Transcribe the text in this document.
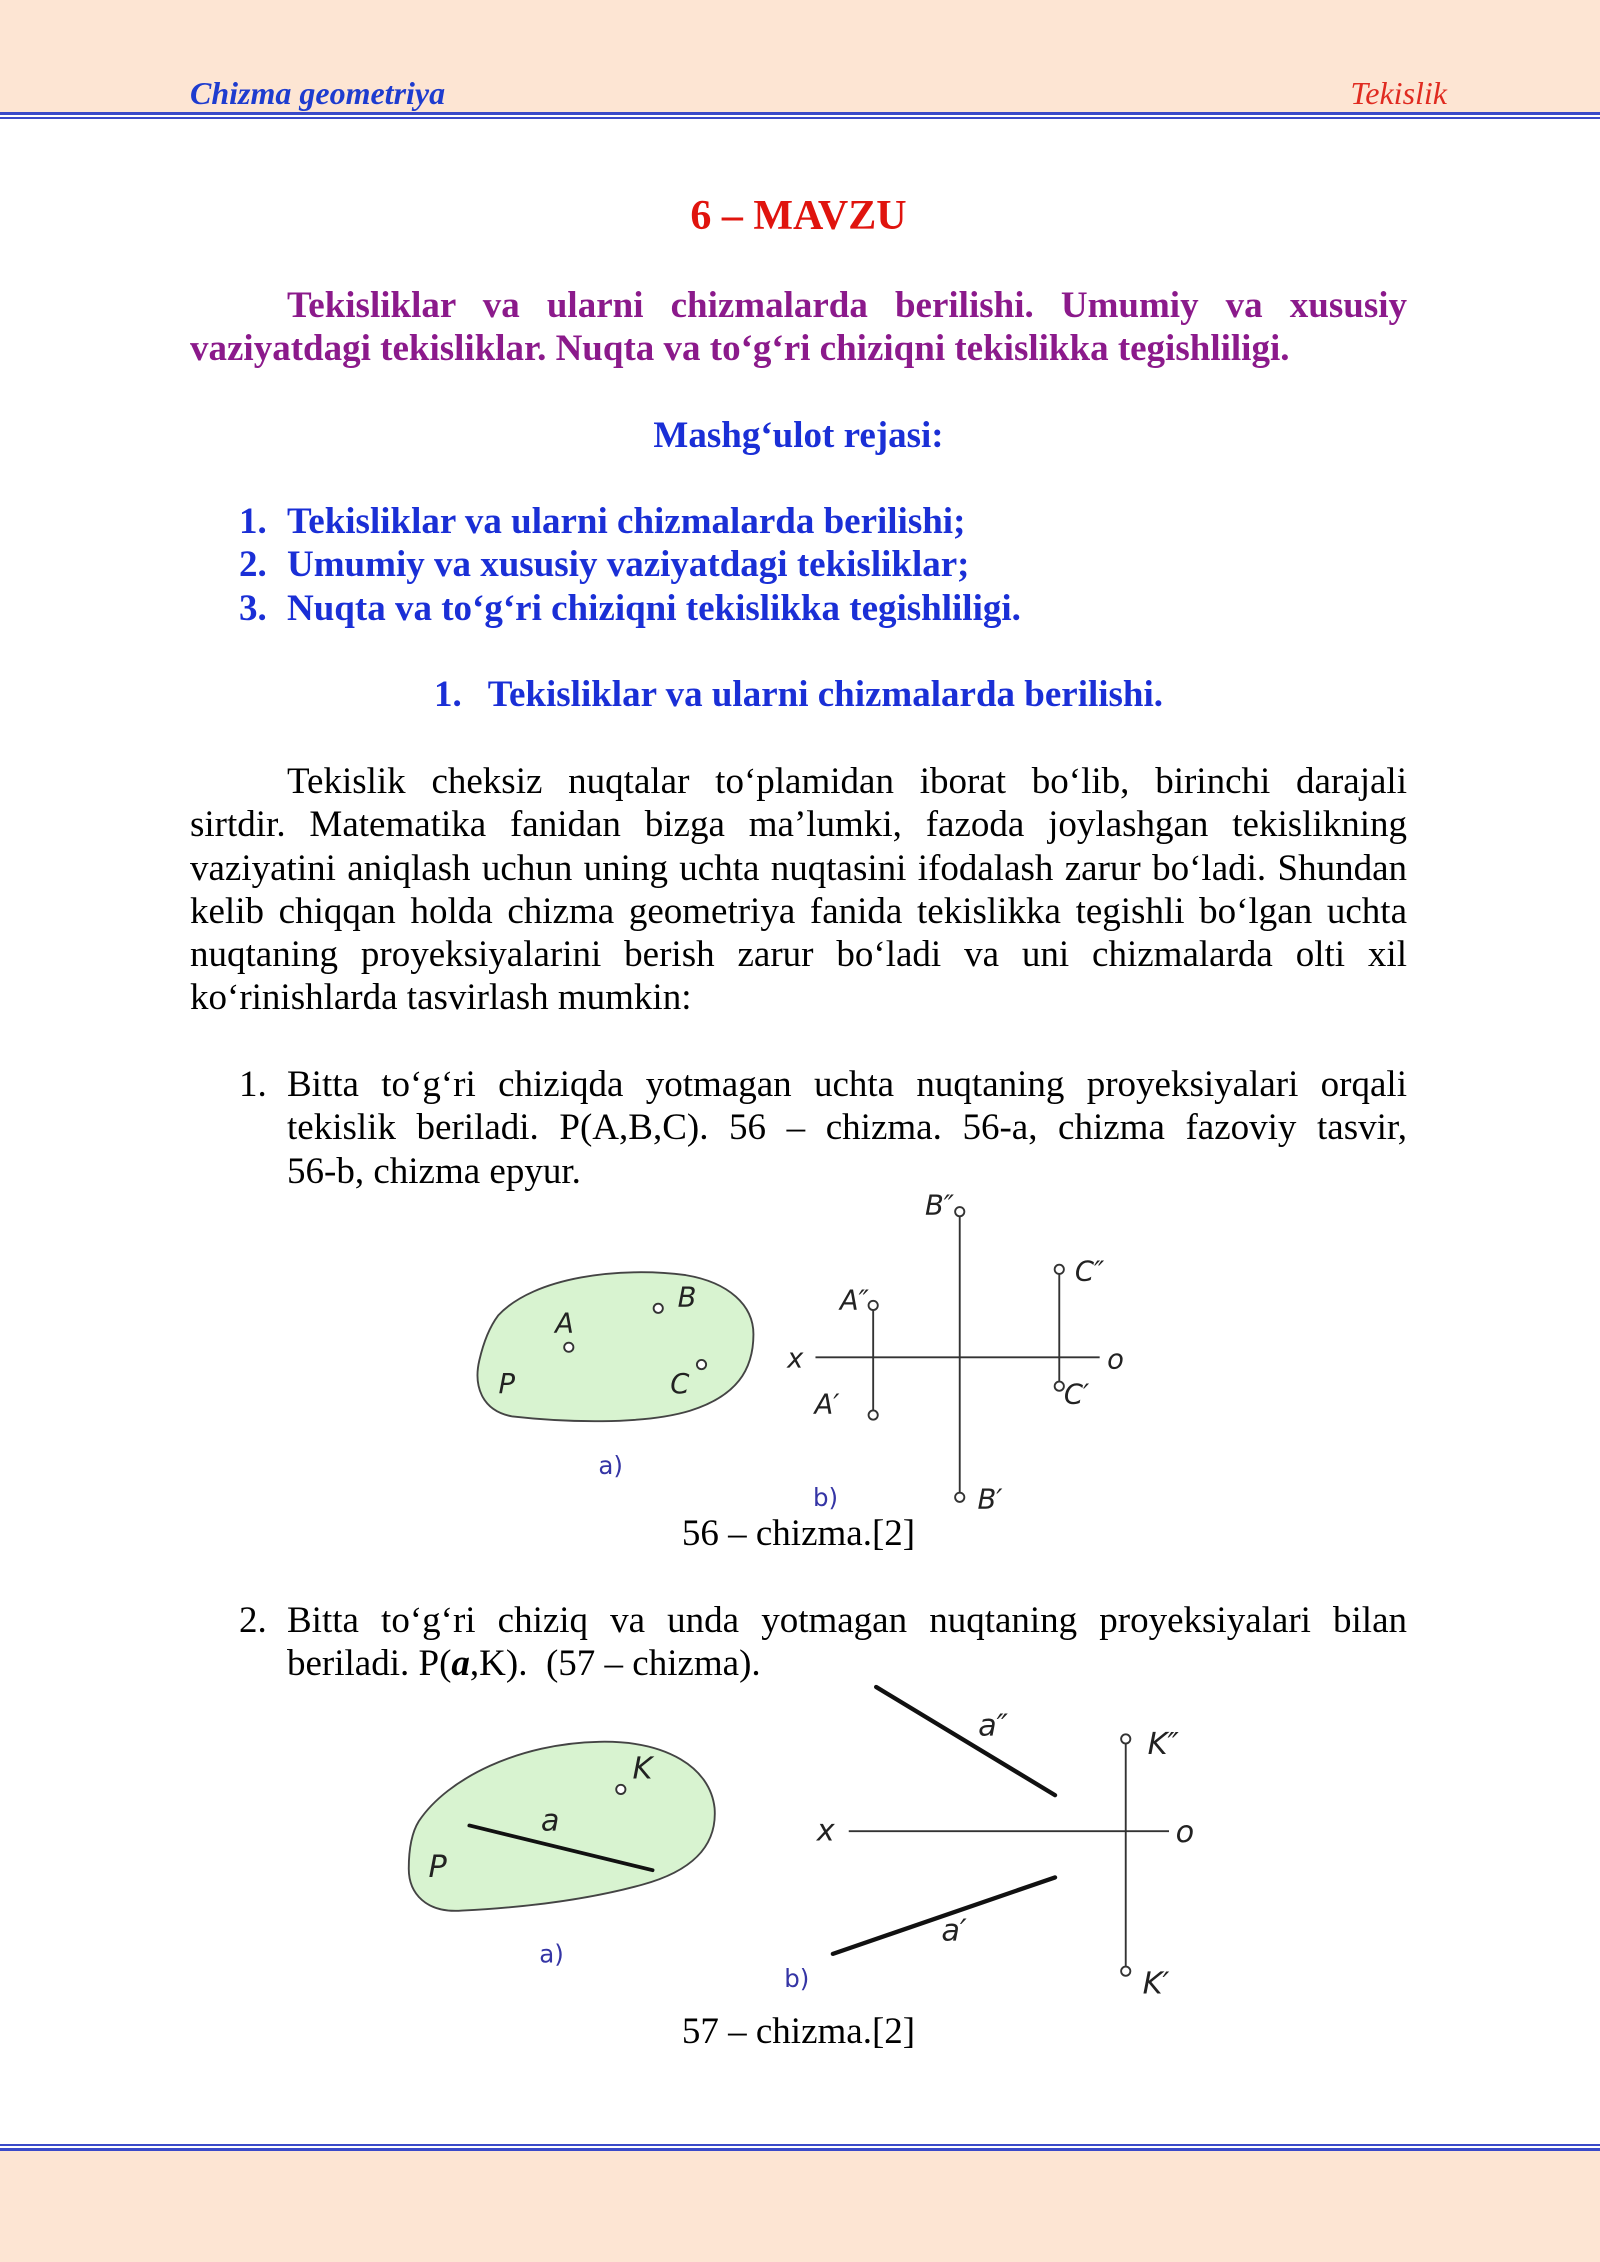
Chizma geometriya	Tekislik
6 – MAVZU
Tekisliklar va ularni chizmalarda berilishi. Umumiy va xususiy
vaziyatdagi tekisliklar. Nuqta va to‘g‘ri chiziqni tekislikka tegishliligi.
Mashg‘ulot rejasi:
1. Tekisliklar va ularni chizmalarda berilishi;
2. Umumiy va xususiy vaziyatdagi tekisliklar;
3. Nuqta va to‘g‘ri chiziqni tekislikka tegishliligi.
1. Tekisliklar va ularni chizmalarda berilishi.
Tekislik cheksiz nuqtalar to‘plamidan iborat bo‘lib, birinchi darajali
sirtdir. Matematika fanidan bizga ma’lumki, fazoda joylashgan tekislikning
vaziyatini aniqlash uchun uning uchta nuqtasini ifodalash zarur bo‘ladi. Shundan
kelib chiqqan holda chizma geometriya fanida tekislikka tegishli bo‘lgan uchta
nuqtaning proyeksiyalarini berish zarur bo‘ladi va uni chizmalarda olti xil
ko‘rinishlarda tasvirlash mumkin:
1. Bitta to‘g‘ri chiziqda yotmagan uchta nuqtaning proyeksiyalari orqali
tekislik beriladi. P(A,B,C). 56 – chizma. 56-a, chizma fazoviy tasvir,
56-b, chizma epyur.
P
A
B
C
a)
x	o
A″
A′
B″
B′
C″
C′
b)
56 – chizma.[2]
2. Bitta to‘g‘ri chiziq va unda yotmagan nuqtaning proyeksiyalari bilan
beriladi. P(a,K).  (57 – chizma).
a
K
P
a)
x	o
a″
a′
K″
K′
b)
57 – chizma.[2]
